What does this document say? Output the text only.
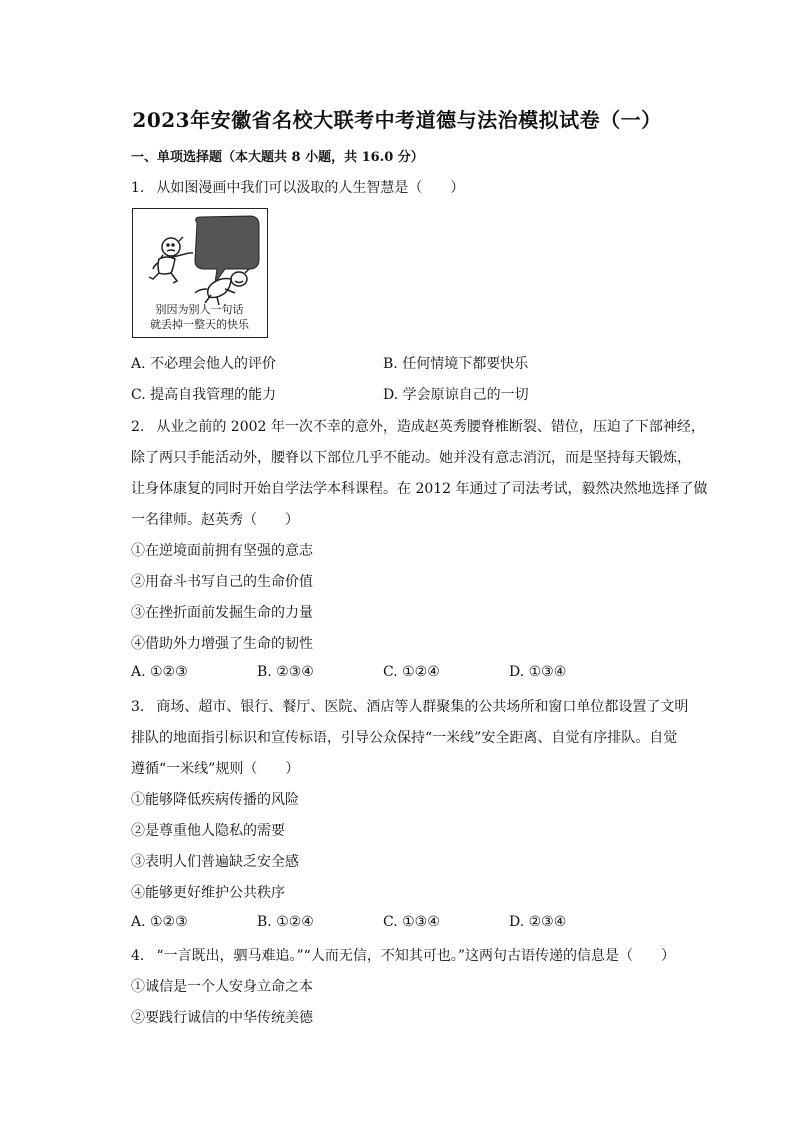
2023年安徽省名校大联考中考道德与法治模拟试卷（一）
一、单项选择题（本大题共 8 小题，共 16.0 分）
1. 从如图漫画中我们可以汲取的人生智慧是（　　）
别因为别人一句话
就丢掉一整天的快乐
A. 不必理会他人的评价	B. 任何情境下都要快乐
C. 提高自我管理的能力	D. 学会原谅自己的一切
2. 从业之前的 2002 年一次不幸的意外，造成赵英秀腰脊椎断裂、错位，压迫了下部神经，
除了两只手能活动外，腰脊以下部位几乎不能动。她并没有意志消沉，而是坚持每天锻炼，
让身体康复的同时开始自学法学本科课程。在 2012 年通过了司法考试，毅然决然地选择了做
一名律师。赵英秀（　　）
①在逆境面前拥有坚强的意志
②用奋斗书写自己的生命价值
③在挫折面前发掘生命的力量
④借助外力增强了生命的韧性
A. ①②③	B. ②③④	C. ①②④	D. ①③④
3. 商场、超市、银行、餐厅、医院、酒店等人群聚集的公共场所和窗口单位都设置了文明
排队的地面指引标识和宣传标语，引导公众保持“一米线”安全距离、自觉有序排队。自觉
遵循“一米线”规则（　　）
①能够降低疾病传播的风险
②是尊重他人隐私的需要
③表明人们普遍缺乏安全感
④能够更好维护公共秩序
A. ①②③	B. ①②④	C. ①③④	D. ②③④
4. “一言既出，驷马难追。”“人而无信，不知其可也。”这两句古语传递的信息是（　　）
①诚信是一个人安身立命之本
②要践行诚信的中华传统美德
